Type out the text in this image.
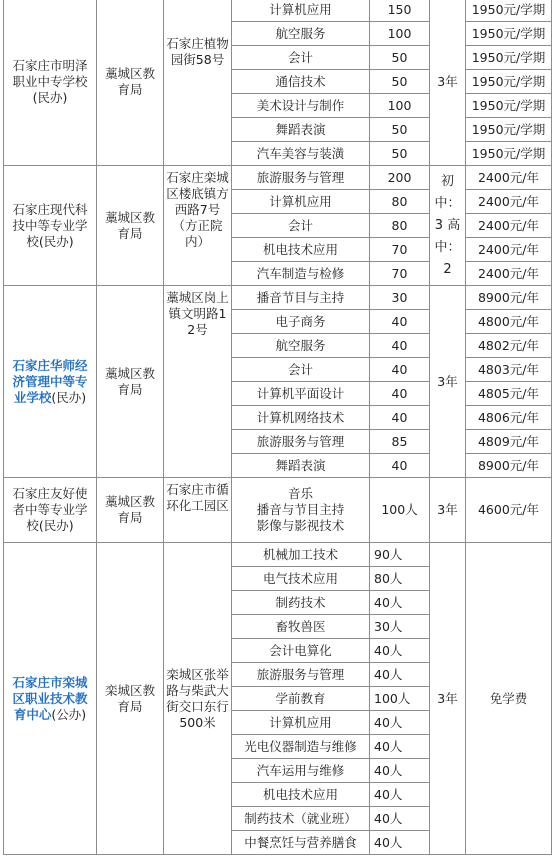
石家庄市明泽职业中专学校(民办)	藁城区教育局	石家庄植物园街58号	计算机应用	150	3年	1950元/学期
			航空服务	100		1950元/学期
			会计	50		1950元/学期
			通信技术	50		1950元/学期
			美术设计与制作	100		1950元/学期
			舞蹈表演	50		1950元/学期
			汽车美容与装潢	50		1950元/学期
石家庄现代科技中等专业学校(民办)	藁城区教育局	石家庄栾城区楼底镇方西路7号（方正院内）	旅游服务与管理	200	初中：3 高中：2	2400元/年
			计算机应用	80		2400元/年
			会计	80		2400元/年
			机电技术应用	70		2400元/年
			汽车制造与检修	70		2400元/年
石家庄华师经济管理中等专业学校(民办)	藁城区教育局	藁城区岗上镇文明路12号	播音节目与主持	30	3年	8900元/年
			电子商务	40		4800元/年
			航空服务	40		4802元/年
			会计	40		4803元/年
			计算机平面设计	40		4805元/年
			计算机网络技术	40		4806元/年
			旅游服务与管理	85		4809元/年
			舞蹈表演	40		8900元/年
石家庄友好使者中等专业学校(民办)	藁城区教育局	石家庄市循环化工园区	音乐
播音与节目主持
影像与影视技术	100人	3年	4600元/年
石家庄市栾城区职业技术教育中心(公办)	栾城区教育局	栾城区张举路与柴武大街交口东行500米	机械加工技术	90人	3年	免学费
			电气技术应用	80人		
			制药技术	40人		
			畜牧兽医	30人		
			会计电算化	40人		
			旅游服务与管理	40人		
			学前教育	100人		
			计算机应用	40人		
			光电仪器制造与维修	40人		
			汽车运用与维修	40人		
			机电技术应用	40人		
			制药技术（就业班）	40人		
			中餐烹饪与营养膳食	40人		
